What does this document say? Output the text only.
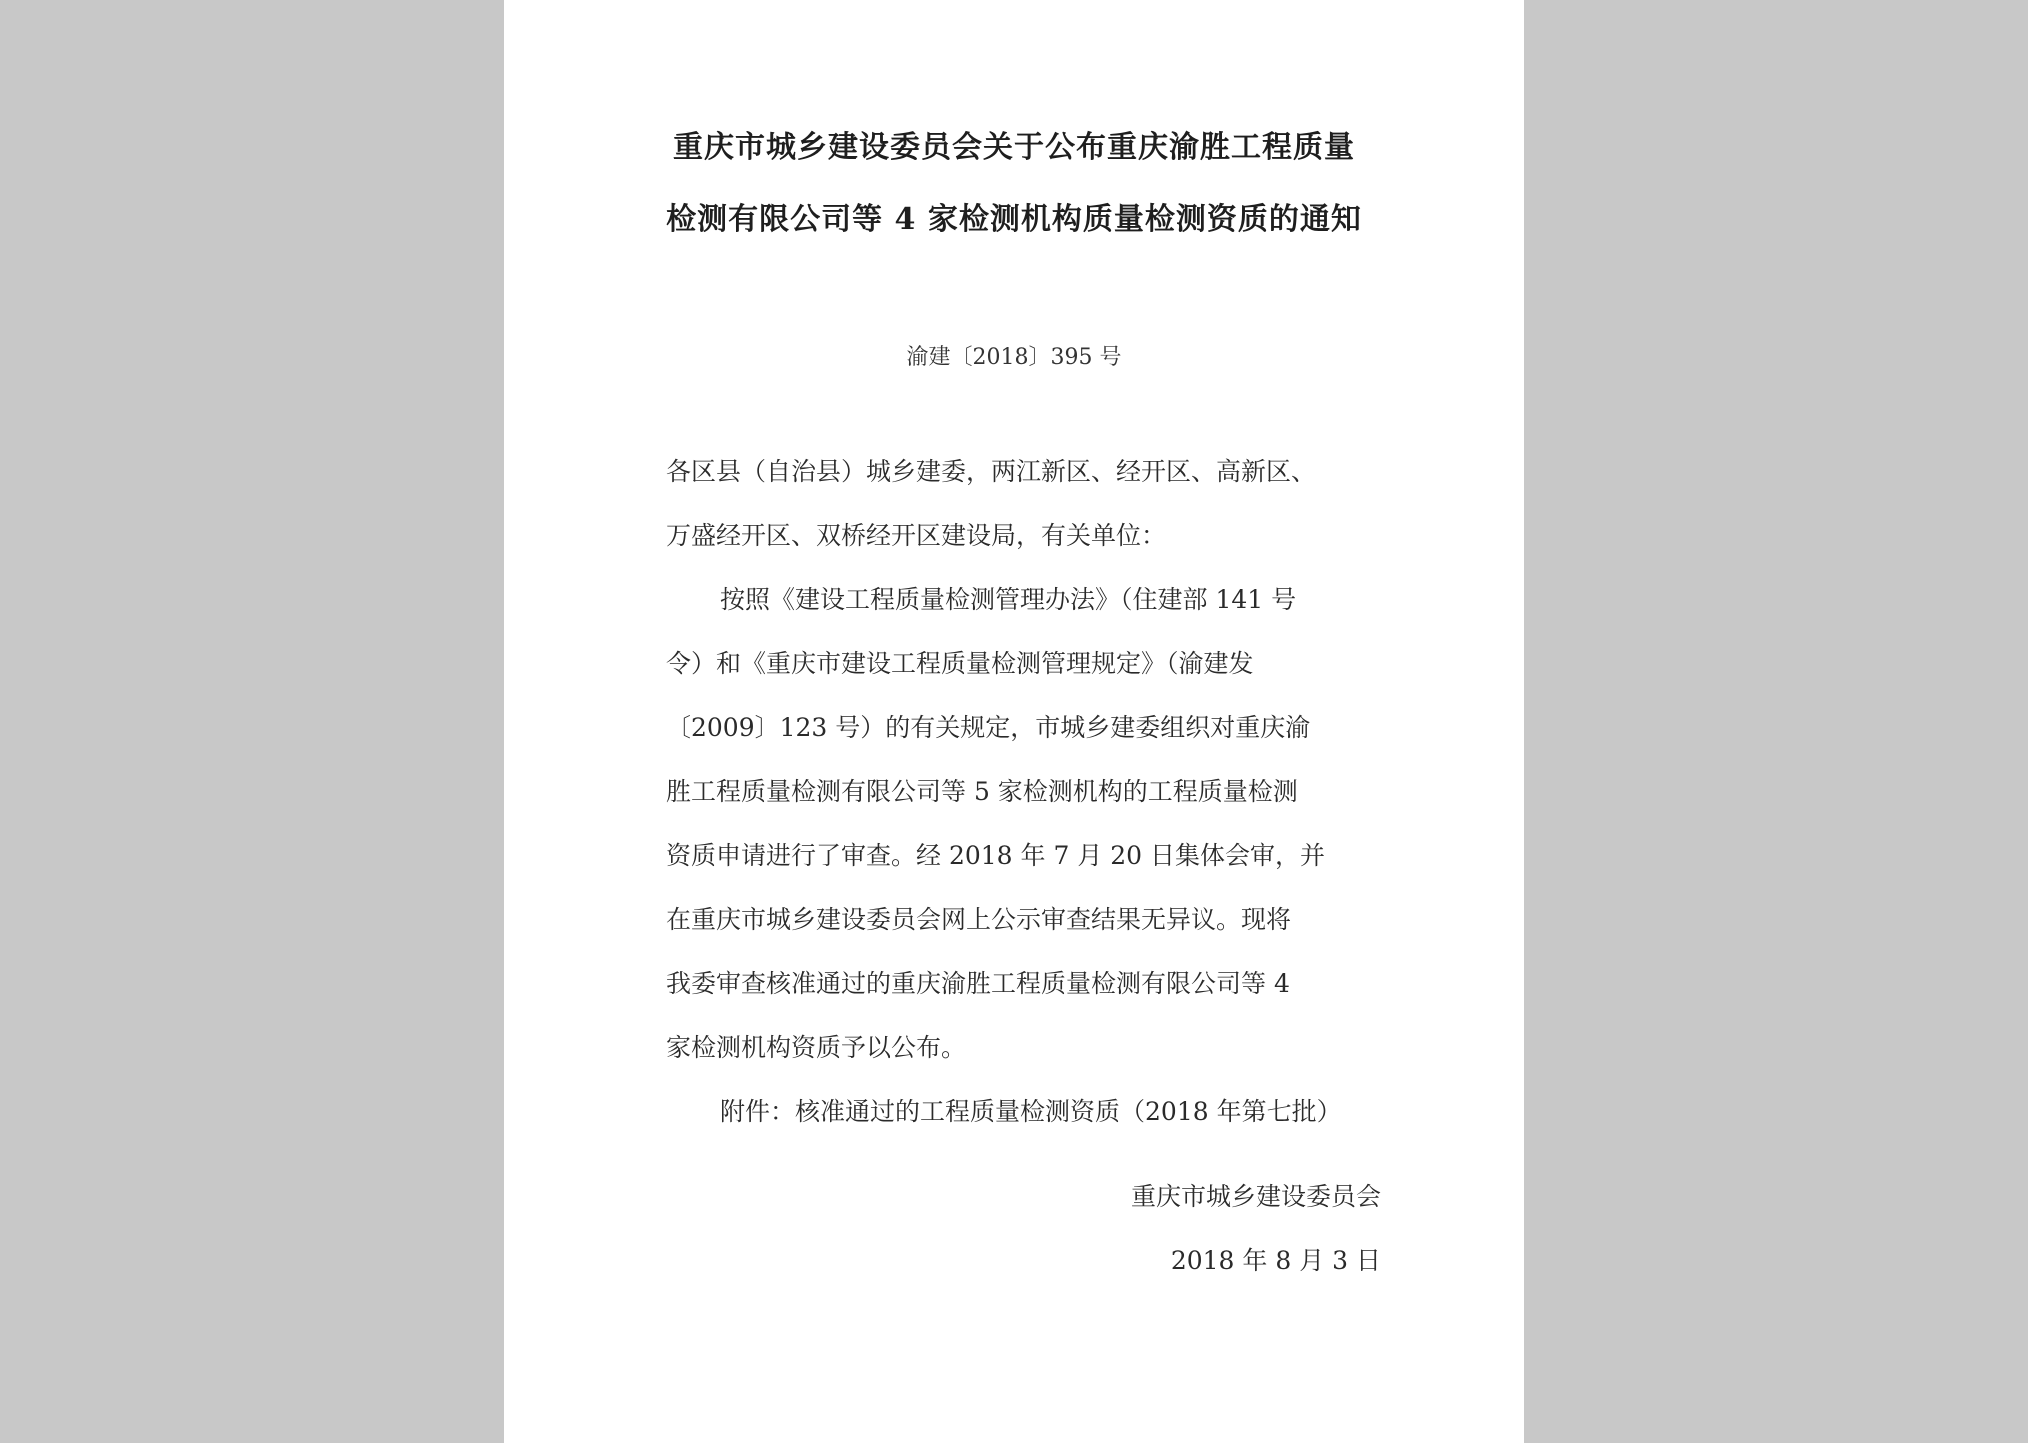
重庆市城乡建设委员会关于公布重庆渝胜工程质量
检测有限公司等 4 家检测机构质量检测资质的通知
渝建〔2018〕395 号
各区县（自治县）城乡建委，两江新区、经开区、高新区、
万盛经开区、双桥经开区建设局，有关单位：
按照《建设工程质量检测管理办法》（住建部 141 号
令）和《重庆市建设工程质量检测管理规定》（渝建发
〔2009〕123 号）的有关规定，市城乡建委组织对重庆渝
胜工程质量检测有限公司等 5 家检测机构的工程质量检测
资质申请进行了审查。经 2018 年 7 月 20 日集体会审，并
在重庆市城乡建设委员会网上公示审查结果无异议。现将
我委审查核准通过的重庆渝胜工程质量检测有限公司等 4
家检测机构资质予以公布。
附件：核准通过的工程质量检测资质（2018 年第七批）
重庆市城乡建设委员会
2018 年 8 月 3 日
